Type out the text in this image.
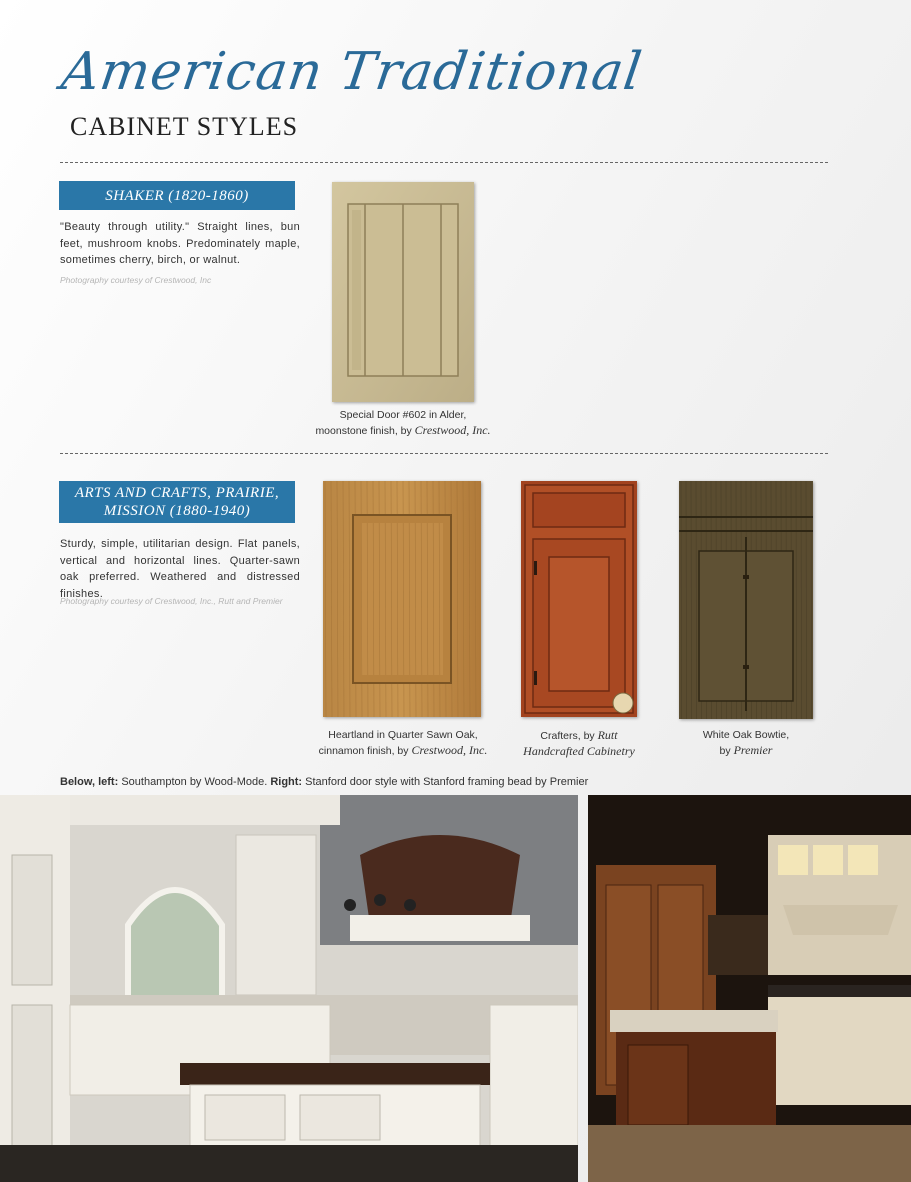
American Traditional
CABINET STYLES
SHAKER (1820-1860)
"Beauty through utility." Straight lines, bun feet, mushroom knobs. Predominately maple, sometimes cherry, birch, or walnut.
Photography courtesy of Crestwood, Inc
Special Door #602 in Alder,
moonstone finish, by Crestwood, Inc.
ARTS AND CRAFTS, PRAIRIE,
MISSION (1880-1940)
Sturdy, simple, utilitarian design. Flat panels, vertical and horizontal lines. Quarter-sawn oak preferred. Weathered and distressed finishes.
Photography courtesy of Crestwood, Inc., Rutt and Premier
Heartland in Quarter Sawn Oak,
cinnamon finish, by Crestwood, Inc.
Crafters, by Rutt
Handcrafted Cabinetry
White Oak Bowtie,
by Premier
Below, left: Southampton by Wood-Mode. Right: Stanford door style with Stanford framing bead by Premier
